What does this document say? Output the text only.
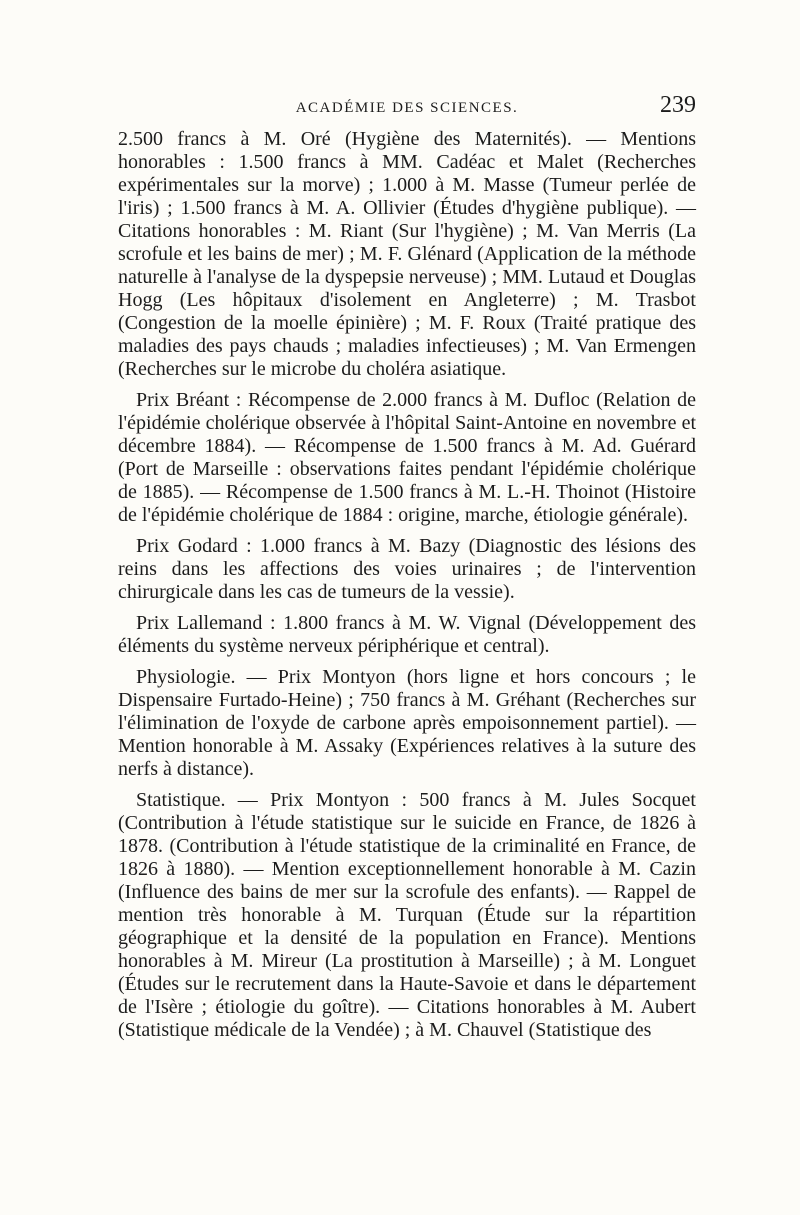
ACADÉMIE DES SCIENCES.	239

2.500 francs à M. Oré (Hygiène des Maternités). — Mentions honorables : 1.500 francs à MM. Cadéac et Malet (Recherches expérimentales sur la morve) ; 1.000 à M. Masse (Tumeur perlée de l'iris) ; 1.500 francs à M. A. Ollivier (Études d'hygiène publique). — Citations honorables : M. Riant (Sur l'hygiène) ; M. Van Merris (La scrofule et les bains de mer) ; M. F. Glénard (Application de la méthode naturelle à l'analyse de la dyspepsie nerveuse) ; MM. Lutaud et Douglas Hogg (Les hôpitaux d'isolement en Angleterre) ; M. Trasbot (Congestion de la moelle épinière) ; M. F. Roux (Traité pratique des maladies des pays chauds ; maladies infectieuses) ; M. Van Ermengen (Recherches sur le microbe du choléra asiatique.

Prix Bréant : Récompense de 2.000 francs à M. Dufloc (Relation de l'épidémie cholérique observée à l'hôpital Saint-Antoine en novembre et décembre 1884). — Récompense de 1.500 francs à M. Ad. Guérard (Port de Marseille : observations faites pendant l'épidémie cholérique de 1885). — Récompense de 1.500 francs à M. L.-H. Thoinot (Histoire de l'épidémie cholérique de 1884 : origine, marche, étiologie générale).

Prix Godard : 1.000 francs à M. Bazy (Diagnostic des lésions des reins dans les affections des voies urinaires ; de l'intervention chirurgicale dans les cas de tumeurs de la vessie).

Prix Lallemand : 1.800 francs à M. W. Vignal (Développement des éléments du système nerveux périphérique et central).

Physiologie. — Prix Montyon (hors ligne et hors concours ; le Dispensaire Furtado-Heine) ; 750 francs à M. Gréhant (Recherches sur l'élimination de l'oxyde de carbone après empoisonnement partiel). — Mention honorable à M. Assaky (Expériences relatives à la suture des nerfs à distance).

Statistique. — Prix Montyon : 500 francs à M. Jules Socquet (Contribution à l'étude statistique sur le suicide en France, de 1826 à 1878. (Contribution à l'étude statistique de la criminalité en France, de 1826 à 1880). — Mention exceptionnellement honorable à M. Cazin (Influence des bains de mer sur la scrofule des enfants). — Rappel de mention très honorable à M. Turquan (Étude sur la répartition géographique et la densité de la population en France). Mentions honorables à M. Mireur (La prostitution à Marseille) ; à M. Longuet (Études sur le recrutement dans la Haute-Savoie et dans le département de l'Isère ; étiologie du goître). — Citations honorables à M. Aubert (Statistique médicale de la Vendée) ; à M. Chauvel (Statistique des
